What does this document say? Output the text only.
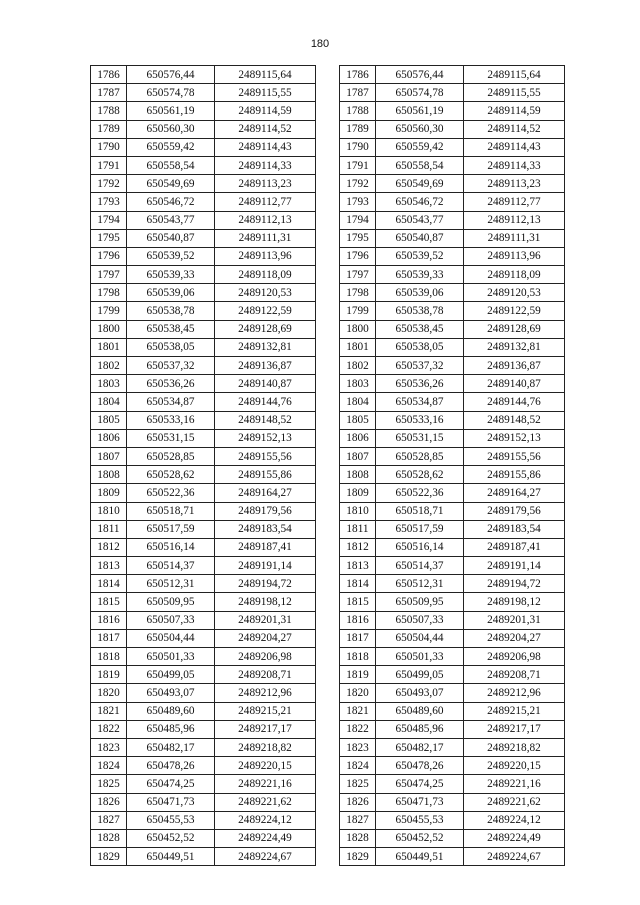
180
1786	650576,44	2489115,64
1787	650574,78	2489115,55
1788	650561,19	2489114,59
1789	650560,30	2489114,52
1790	650559,42	2489114,43
1791	650558,54	2489114,33
1792	650549,69	2489113,23
1793	650546,72	2489112,77
1794	650543,77	2489112,13
1795	650540,87	2489111,31
1796	650539,52	2489113,96
1797	650539,33	2489118,09
1798	650539,06	2489120,53
1799	650538,78	2489122,59
1800	650538,45	2489128,69
1801	650538,05	2489132,81
1802	650537,32	2489136,87
1803	650536,26	2489140,87
1804	650534,87	2489144,76
1805	650533,16	2489148,52
1806	650531,15	2489152,13
1807	650528,85	2489155,56
1808	650528,62	2489155,86
1809	650522,36	2489164,27
1810	650518,71	2489179,56
1811	650517,59	2489183,54
1812	650516,14	2489187,41
1813	650514,37	2489191,14
1814	650512,31	2489194,72
1815	650509,95	2489198,12
1816	650507,33	2489201,31
1817	650504,44	2489204,27
1818	650501,33	2489206,98
1819	650499,05	2489208,71
1820	650493,07	2489212,96
1821	650489,60	2489215,21
1822	650485,96	2489217,17
1823	650482,17	2489218,82
1824	650478,26	2489220,15
1825	650474,25	2489221,16
1826	650471,73	2489221,62
1827	650455,53	2489224,12
1828	650452,52	2489224,49
1829	650449,51	2489224,67
1786	650576,44	2489115,64
1787	650574,78	2489115,55
1788	650561,19	2489114,59
1789	650560,30	2489114,52
1790	650559,42	2489114,43
1791	650558,54	2489114,33
1792	650549,69	2489113,23
1793	650546,72	2489112,77
1794	650543,77	2489112,13
1795	650540,87	2489111,31
1796	650539,52	2489113,96
1797	650539,33	2489118,09
1798	650539,06	2489120,53
1799	650538,78	2489122,59
1800	650538,45	2489128,69
1801	650538,05	2489132,81
1802	650537,32	2489136,87
1803	650536,26	2489140,87
1804	650534,87	2489144,76
1805	650533,16	2489148,52
1806	650531,15	2489152,13
1807	650528,85	2489155,56
1808	650528,62	2489155,86
1809	650522,36	2489164,27
1810	650518,71	2489179,56
1811	650517,59	2489183,54
1812	650516,14	2489187,41
1813	650514,37	2489191,14
1814	650512,31	2489194,72
1815	650509,95	2489198,12
1816	650507,33	2489201,31
1817	650504,44	2489204,27
1818	650501,33	2489206,98
1819	650499,05	2489208,71
1820	650493,07	2489212,96
1821	650489,60	2489215,21
1822	650485,96	2489217,17
1823	650482,17	2489218,82
1824	650478,26	2489220,15
1825	650474,25	2489221,16
1826	650471,73	2489221,62
1827	650455,53	2489224,12
1828	650452,52	2489224,49
1829	650449,51	2489224,67
